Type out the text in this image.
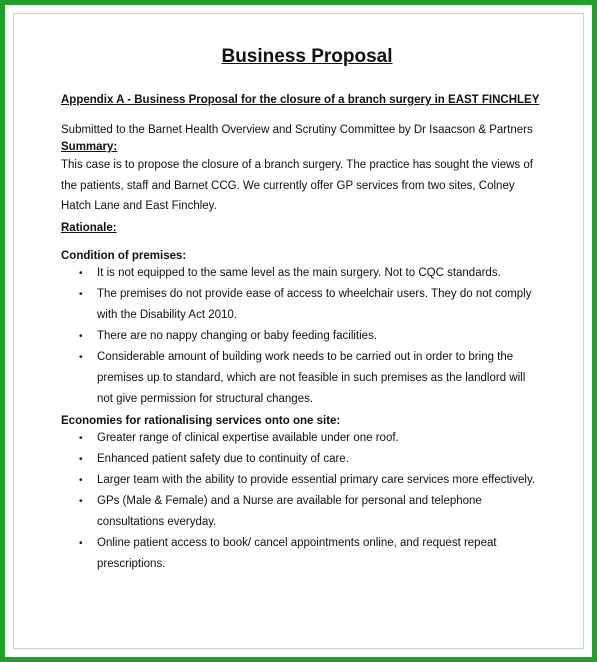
Business Proposal
Appendix A - Business Proposal for the closure of a branch surgery in EAST FINCHLEY
Submitted to the Barnet Health Overview and Scrutiny Committee by Dr Isaacson & Partners
Summary:
This case is to propose the closure of a branch surgery. The practice has sought the views of the patients, staff and Barnet CCG. We currently offer GP services from two sites, Colney Hatch Lane and East Finchley.
Rationale:
Condition of premises:
• It is not equipped to the same level as the main surgery. Not to CQC standards.
• The premises do not provide ease of access to wheelchair users. They do not comply with the Disability Act 2010.
• There are no nappy changing or baby feeding facilities.
• Considerable amount of building work needs to be carried out in order to bring the premises up to standard, which are not feasible in such premises as the landlord will not give permission for structural changes.
Economies for rationalising services onto one site:
• Greater range of clinical expertise available under one roof.
• Enhanced patient safety due to continuity of care.
• Larger team with the ability to provide essential primary care services more effectively.
• GPs (Male & Female) and a Nurse are available for personal and telephone consultations everyday.
• Online patient access to book/ cancel appointments online, and request repeat prescriptions.
